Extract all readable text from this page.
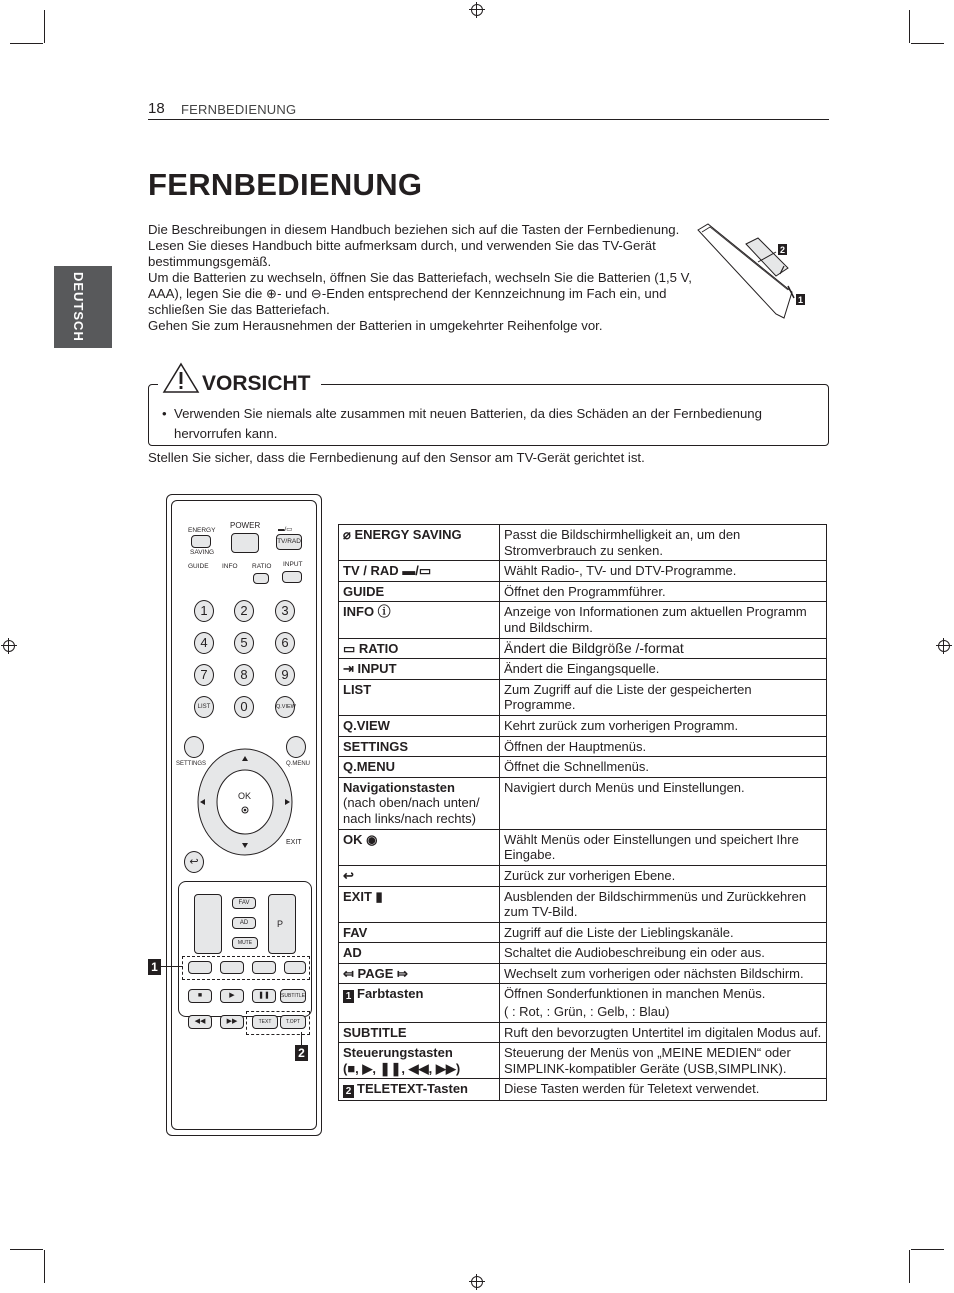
18 FERNBEDIENUNG
FERNBEDIENUNG
DEUTSCH

Die Beschreibungen in diesem Handbuch beziehen sich auf die Tasten der Fernbedienung.

Lesen Sie dieses Handbuch bitte aufmerksam durch, und verwenden Sie das TV-Gerät bestimmungsgemäß.

Um die Batterien zu wechseln, öffnen Sie das Batteriefach, wechseln Sie die Batterien (1,5 V, AAA), legen Sie die ⊕- und ⊖-Enden entsprechend der Kennzeichnung im Fach ein, und schließen Sie das Batteriefach.

Gehen Sie zum Herausnehmen der Batterien in umgekehrter Reihenfolge vor.

2
1
VORSICHT
• Verwenden Sie niemals alte zusammen mit neuen Batterien, da dies Schäden an der Fernbedienung hervorrufen kann.
Stellen Sie sicher, dass die Fernbedienung auf den Sensor am TV-Gerät gerichtet ist.
ENERGY
SAVING
POWER	▬/▭
TV/RAD
GUIDE INFO RATIO INPUT
1	2	3
4	5	6
7	8	9
LIST	0	Q.VIEW
SETTINGS	Q.MENU
OK
EXIT
↩
P
FAV
AD
MUTE
■	▶	❚❚	SUBTITLE
◀◀	▶▶	TEXT	T.OPT
1
2
⌀ ENERGY SAVING	Passt die Bildschirmhelligkeit an, um den Stromverbrauch zu senken.
TV / RAD ▬/▭	Wählt Radio-, TV- und DTV-Programme.
GUIDE	Öffnet den Programmführer.
INFO ⓘ	Anzeige von Informationen zum aktuellen Programm und Bildschirm.
▭ RATIO	Ändert die Bildgröße /-format
⇥ INPUT	Ändert die Eingangsquelle.
LIST	Zum Zugriff auf die Liste der gespeicherten Programme.
Q.VIEW	Kehrt zurück zum vorherigen Programm.
SETTINGS	Öffnen der Hauptmenüs.
Q.MENU	Öffnet die Schnellmenüs.
Navigationstasten
(nach oben/nach unten/ nach links/nach rechts)	Navigiert durch Menüs und Einstellungen.
OK ◉	Wählt Menüs oder Einstellungen und speichert Ihre Eingabe.
↩	Zurück zur vorherigen Ebene.
EXIT ▮	Ausblenden der Bildschirmmenüs und Zurückkehren zum TV-Bild.
FAV	Zugriff auf die Liste der Lieblingskanäle.
AD	Schaltet die Audiobeschreibung ein oder aus.
⤆ PAGE ⤇	Wechselt zum vorherigen oder nächsten Bildschirm.
1 Farbtasten	Öffnen Sonderfunktionen in manchen Menüs.
( : Rot, : Grün, : Gelb, : Blau)

SUBTITLE	Ruft den bevorzugten Untertitel im digitalen Modus auf.
Steuerungstasten
(■, ▶, ❚❚, ◀◀, ▶▶)	Steuerung der Menüs von „MEINE MEDIEN“ oder SIMPLINK-kompatibler Geräte (USB,SIMPLINK).
2 TELETEXT-Tasten	Diese Tasten werden für Teletext verwendet.
